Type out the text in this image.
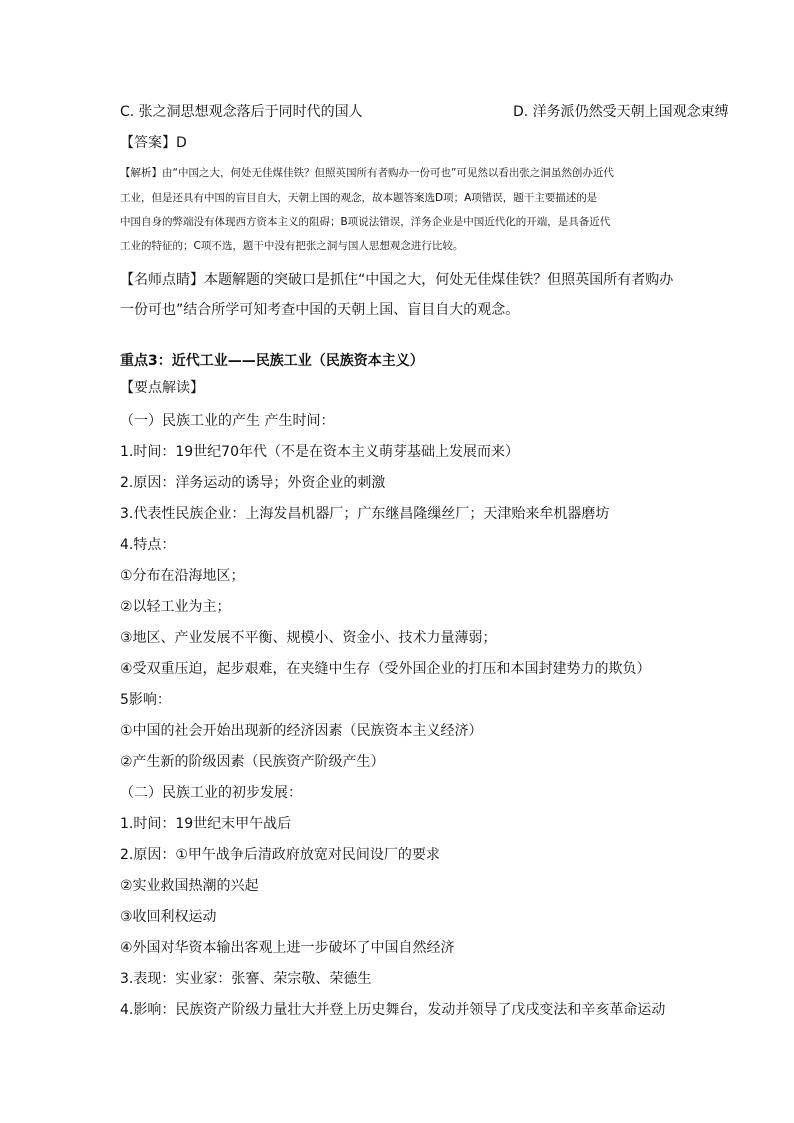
C. 张之洞思想观念落后于同时代的国人	D. 洋务派仍然受天朝上国观念束缚
【答案】D
【解析】由“中国之大，何处无佳煤佳铁？但照英国所有者购办一份可也”可见然以看出张之洞虽然创办近代
工业，但是还具有中国的盲目自大，天朝上国的观念，故本题答案选D项；A项错误，题干主要描述的是
中国自身的弊端没有体现西方资本主义的阻碍；B项说法错误，洋务企业是中国近代化的开端，是具备近代
工业的特征的；C项不选，题干中没有把张之洞与国人思想观念进行比较。
【名师点睛】本题解题的突破口是抓住“中国之大，何处无佳煤佳铁？但照英国所有者购办
一份可也”结合所学可知考查中国的天朝上国、盲目自大的观念。
重点3：近代工业——民族工业（民族资本主义）
【要点解读】
（一）民族工业的产生 产生时间：
1.时间：19世纪70年代（不是在资本主义萌芽基础上发展而来）
2.原因：洋务运动的诱导；外资企业的刺激
3.代表性民族企业：上海发昌机器厂；广东继昌隆缫丝厂；天津贻来牟机器磨坊
4.特点：
①分布在沿海地区；
②以轻工业为主；
③地区、产业发展不平衡、规模小、资金小、技术力量薄弱；
④受双重压迫，起步艰难，在夹缝中生存（受外国企业的打压和本国封建势力的欺负）
5影响：
①中国的社会开始出现新的经济因素（民族资本主义经济）
②产生新的阶级因素（民族资产阶级产生）
（二）民族工业的初步发展：
1.时间：19世纪末甲午战后
2.原因：①甲午战争后清政府放宽对民间设厂的要求
②实业救国热潮的兴起
③收回利权运动
④外国对华资本输出客观上进一步破坏了中国自然经济
3.表现：实业家：张謇、荣宗敬、荣德生
4.影响：民族资产阶级力量壮大并登上历史舞台，发动并领导了戊戌变法和辛亥革命运动
